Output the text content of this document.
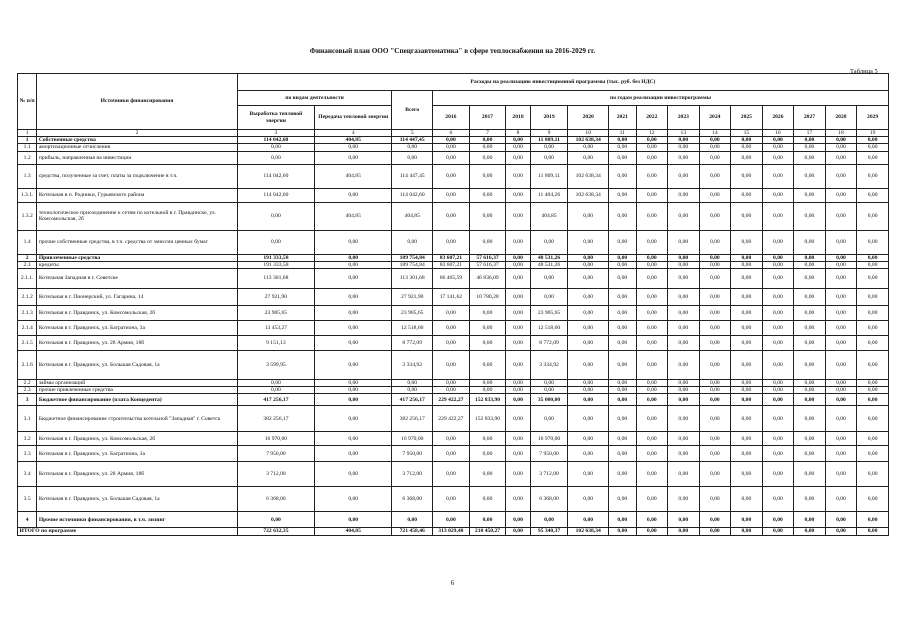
Финансовый план ООО "Спецгазавтоматика" в сфере теплоснабжения на 2016-2029 гг.
Таблица 5
№ п/п	Источники финансирования	Расходы на реализацию инвестиционной программы (тыс. руб. без НДС)																
		по видам деятельности		Всего	по годам реализации инвестпрограммы													
		Выработка тепловой энергии	Передача тепловой энергии		2016	2017	2018	2019	2020	2021	2022	2023	2024	2025	2026	2027	2028	2029
1	2	3	4	5	6	7	8	9	10	11	12	13	14	15	16	17	18	19
1	Собственные средства	114 042,60	404,85	114 447,45	0,00	0,00	0,00	11 809,11	102 638,34	0,00	0,00	0,00	0,00	0,00	0,00	0,00	0,00	0,00
1.1	амортизационные отчисления	0,00	0,00	0,00	0,00	0,00	0,00	0,00	0,00	0,00	0,00	0,00	0,00	0,00	0,00	0,00	0,00	0,00
1.2	прибыль, направленная на инвестиции	0,00	0,00	0,00	0,00	0,00	0,00	0,00	0,00	0,00	0,00	0,00	0,00	0,00	0,00	0,00	0,00	0,00
1.3	средства, полученные за счет, платы за подключение в т.ч.	114 042,60	404,85	114 447,45	0,00	0,00	0,00	11 809,11	102 638,34	0,00	0,00	0,00	0,00	0,00	0,00	0,00	0,00	0,00
1.3.1.	Котельная в п. Родники, Гурьевского района	114 042,60	0,00	114 042,60	0,00	0,00	0,00	11 404,26	102 638,34	0,00	0,00	0,00	0,00	0,00	0,00	0,00	0,00	0,00
1.3.2	технологическое присоединение к сетям по котельной в г. Правдинске, ул. Комсомольская, 2б	0,00	404,85	404,85	0,00	0,00	0,00	404,85	0,00	0,00	0,00	0,00	0,00	0,00	0,00	0,00	0,00	0,00
1.4	прочие собственные средства, в т.ч. средства от эмиссии ценных бумаг	0,00	0,00	0,00	0,00	0,00	0,00	0,00	0,00	0,00	0,00	0,00	0,00	0,00	0,00	0,00	0,00	0,00
2	Привлеченные средства	191 333,58	0,00	189 754,84	83 607,21	57 616,37	0,00	48 531,26	0,00	0,00	0,00	0,00	0,00	0,00	0,00	0,00	0,00	0,00
2.1	кредиты	191 333,58	0,00	189 754,84	83 607,21	57 616,37	0,00	48 531,26	0,00	0,00	0,00	0,00	0,00	0,00	0,00	0,00	0,00	0,00
2.1.1.	Котельная Западная в г. Советске	113 301,68	0,00	113 301,68	66 465,59	46 836,09	0,00	0,00	0,00	0,00	0,00	0,00	0,00	0,00	0,00	0,00	0,00	0,00
2.1.2	Котельная в г. Пионерский, ул. Гагарина, 14	27 921,90	0,00	27 921,90	17 141,62	10 780,28	0,00	0,00	0,00	0,00	0,00	0,00	0,00	0,00	0,00	0,00	0,00	0,00
2.1.3	Котельная в г. Правдинск, ул. Комсомольская, 2б	23 905,65	0,00	23 905,65	0,00	0,00	0,00	23 905,65	0,00	0,00	0,00	0,00	0,00	0,00	0,00	0,00	0,00	0,00
2.1.4	Котельная в г. Правдинск, ул. Багратиона, 3а	13 453,27	0,00	12 518,60	0,00	0,00	0,00	12 518,60	0,00	0,00	0,00	0,00	0,00	0,00	0,00	0,00	0,00	0,00
2.1.5	Котельная в г. Правдинск, ул. 28 Армия, 18б	9 151,13	0,00	8 772,09	0,00	0,00	0,00	8 772,09	0,00	0,00	0,00	0,00	0,00	0,00	0,00	0,00	0,00	0,00
2.1.6	Котельная в г. Правдинск, ул. Большая Садовая, 1а	3 599,95	0,00	3 334,92	0,00	0,00	0,00	3 334,92	0,00	0,00	0,00	0,00	0,00	0,00	0,00	0,00	0,00	0,00
2.2	займы организаций	0,00	0,00	0,00	0,00	0,00	0,00	0,00	0,00	0,00	0,00	0,00	0,00	0,00	0,00	0,00	0,00	0,00
2.3	прочие привлеченные средства	0,00	0,00	0,00	0,00	0,00	0,00	0,00	0,00	0,00	0,00	0,00	0,00	0,00	0,00	0,00	0,00	0,00
3	Бюджетное финансирование (плата Концедента)	417 256,17	0,00	417 256,17	229 422,27	152 833,90	0,00	35 000,00	0,00	0,00	0,00	0,00	0,00	0,00	0,00	0,00	0,00	0,00
3.1	Бюджетное финансирование строительства котельной "Западная" г. Советск	382 256,17	0,00	382 256,17	229 422,27	152 833,90	0,00	0,00	0,00	0,00	0,00	0,00	0,00	0,00	0,00	0,00	0,00	0,00
3.2	Котельная в г. Правдинск, ул. Комсомольская, 2б	16 970,00	0,00	16 970,00	0,00	0,00	0,00	16 970,00	0,00	0,00	0,00	0,00	0,00	0,00	0,00	0,00	0,00	0,00
3.3	Котельная в г. Правдинск, ул. Багратиона, 3а	7 950,00	0,00	7 950,00	0,00	0,00	0,00	7 950,00	0,00	0,00	0,00	0,00	0,00	0,00	0,00	0,00	0,00	0,00
3.4	Котельная в г. Правдинск, ул. 28 Армия, 18б	3 712,00	0,00	3 712,00	0,00	0,00	0,00	3 712,00	0,00	0,00	0,00	0,00	0,00	0,00	0,00	0,00	0,00	0,00
3.5	Котельная в г. Правдинск, ул. Большая Садовая, 1а	6 368,00	0,00	6 368,00	0,00	0,00	0,00	6 368,00	0,00	0,00	0,00	0,00	0,00	0,00	0,00	0,00	0,00	0,00
4	Прочие источники финансирования, в т.ч. лизинг	0,00	0,00	0,00	0,00	0,00	0,00	0,00	0,00	0,00	0,00	0,00	0,00	0,00	0,00	0,00	0,00	0,00
ИТОГО по программе		722 632,35	404,85	721 458,46	313 029,48	210 450,27	0,00	95 340,37	102 638,34	0,00	0,00	0,00	0,00	0,00	0,00	0,00	0,00	0,00
6
